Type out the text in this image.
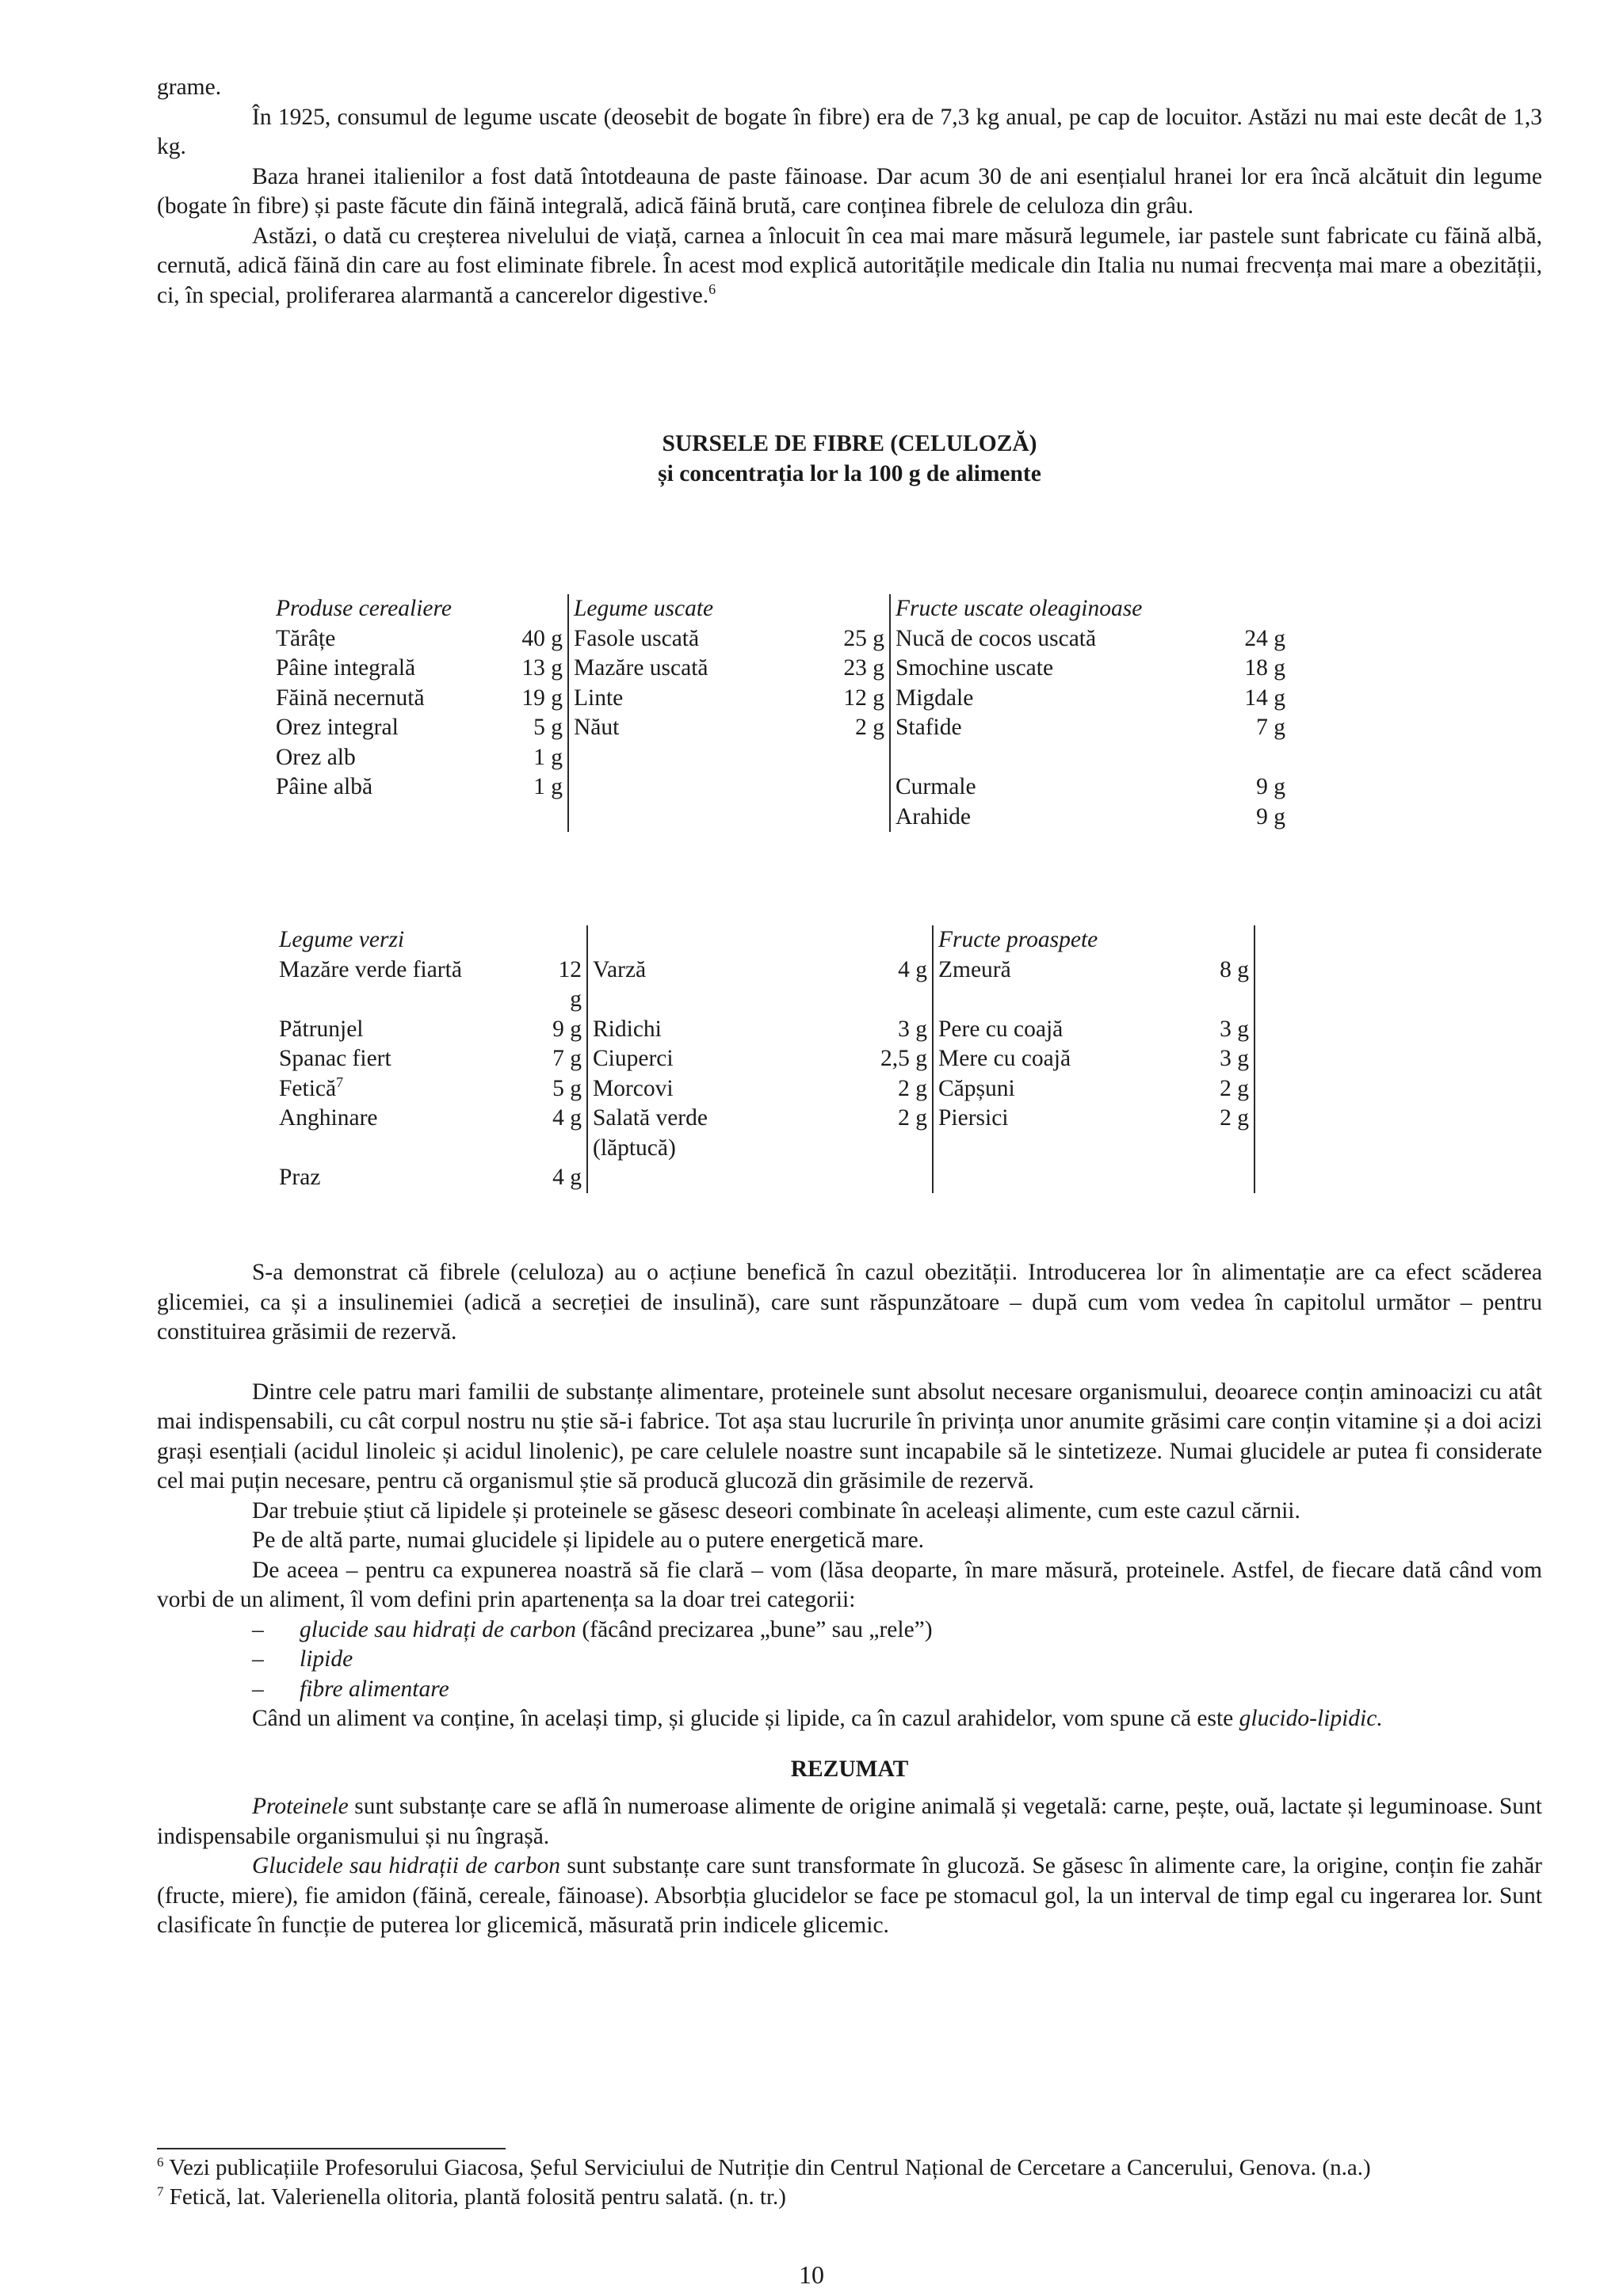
grame.

În 1925, consumul de legume uscate (deosebit de bogate în fibre) era de 7,3 kg anual, pe cap de locuitor. Astăzi nu mai este decât de 1,3 kg.

Baza hranei italienilor a fost dată întotdeauna de paste făinoase. Dar acum 30 de ani esențialul hranei lor era încă alcătuit din legume (bogate în fibre) și paste făcute din făină integrală, adică făină brută, care conținea fibrele de celuloza din grâu.

Astăzi, o dată cu creșterea nivelului de viață, carnea a înlocuit în cea mai mare măsură legumele, iar pastele sunt fabricate cu făină albă, cernută, adică făină din care au fost eliminate fibrele. În acest mod explică autoritățile medicale din Italia nu numai frecvența mai mare a obezității, ci, în special, proliferarea alarmantă a cancerelor digestive.$^6$

SURSELE DE FIBRE (CELULOZĂ)
și concentrația lor la 100 g de alimente
Produse cerealiere		Legume uscate		Fructe uscate oleaginoase	
Tărâțe	40 g	Fasole uscată	25 g	Nucă de cocos uscată	24 g
Pâine integrală	13 g	Mazăre uscată	23 g	Smochine uscate	18 g
Făină necernută	19 g	Linte	12 g	Migdale	14 g
Orez integral	5 g	Năut	2 g	Stafide	7 g
Orez alb	1 g				
Pâine albă	1 g			Curmale	9 g
				Arahide	9 g
Legume verzi				Fructe proaspete	
Mazăre verde fiartă	12	Varză	4 g	Zmeură	8 g
	g				
Pătrunjel	9 g	Ridichi	3 g	Pere cu coajă	3 g
Spanac fiert	7 g	Ciuperci	2,5 g	Mere cu coajă	3 g
Fetică$^7$	5 g	Morcovi	2 g	Căpșuni	2 g
Anghinare	4 g	Salată verde	2 g	Piersici	2 g
		(lăptucă)			
Praz	4 g				

S-a demonstrat că fibrele (celuloza) au o acțiune benefică în cazul obezității. Introducerea lor în alimentație are ca efect scăderea glicemiei, ca și a insulinemiei (adică a secreției de insulină), care sunt răspunzătoare – după cum vom vedea în capitolul următor – pentru constituirea grăsimii de rezervă.

Dintre cele patru mari familii de substanțe alimentare, proteinele sunt absolut necesare organismului, deoarece conțin aminoacizi cu atât mai indispensabili, cu cât corpul nostru nu știe să-i fabrice. Tot așa stau lucrurile în privința unor anumite grăsimi care conțin vitamine și a doi acizi grași esențiali (acidul linoleic și acidul linolenic), pe care celulele noastre sunt incapabile să le sintetizeze. Numai glucidele ar putea fi considerate cel mai puțin necesare, pentru că organismul știe să producă glucoză din grăsimile de rezervă.

Dar trebuie știut că lipidele și proteinele se găsesc deseori combinate în aceleași alimente, cum este cazul cărnii.

Pe de altă parte, numai glucidele și lipidele au o putere energetică mare.

De aceea – pentru ca expunerea noastră să fie clară – vom (lăsa deoparte, în mare măsură, proteinele. Astfel, de fiecare dată când vom vorbi de un aliment, îl vom defini prin apartenența sa la doar trei categorii:

– glucide sau hidrați de carbon (făcând precizarea „bune” sau „rele”)
– lipide
– fibre alimentare

Când un aliment va conține, în același timp, și glucide și lipide, ca în cazul arahidelor, vom spune că este glucido-lipidic.

REZUMAT

Proteinele sunt substanțe care se află în numeroase alimente de origine animală și vegetală: carne, pește, ouă, lactate și leguminoase. Sunt indispensabile organismului și nu îngrașă.

Glucidele sau hidrații de carbon sunt substanțe care sunt transformate în glucoză. Se găsesc în alimente care, la origine, conțin fie zahăr (fructe, miere), fie amidon (făină, cereale, făinoase). Absorbția glucidelor se face pe stomacul gol, la un interval de timp egal cu ingerarea lor. Sunt clasificate în funcție de puterea lor glicemică, măsurată prin indicele glicemic.

$^6$ Vezi publicațiile Profesorului Giacosa, Șeful Serviciului de Nutriție din Centrul Național de Cercetare a Cancerului, Genova. (n.a.)

$^7$ Fetică, lat. Valerienella olitoria, plantă folosită pentru salată. (n. tr.)

10
